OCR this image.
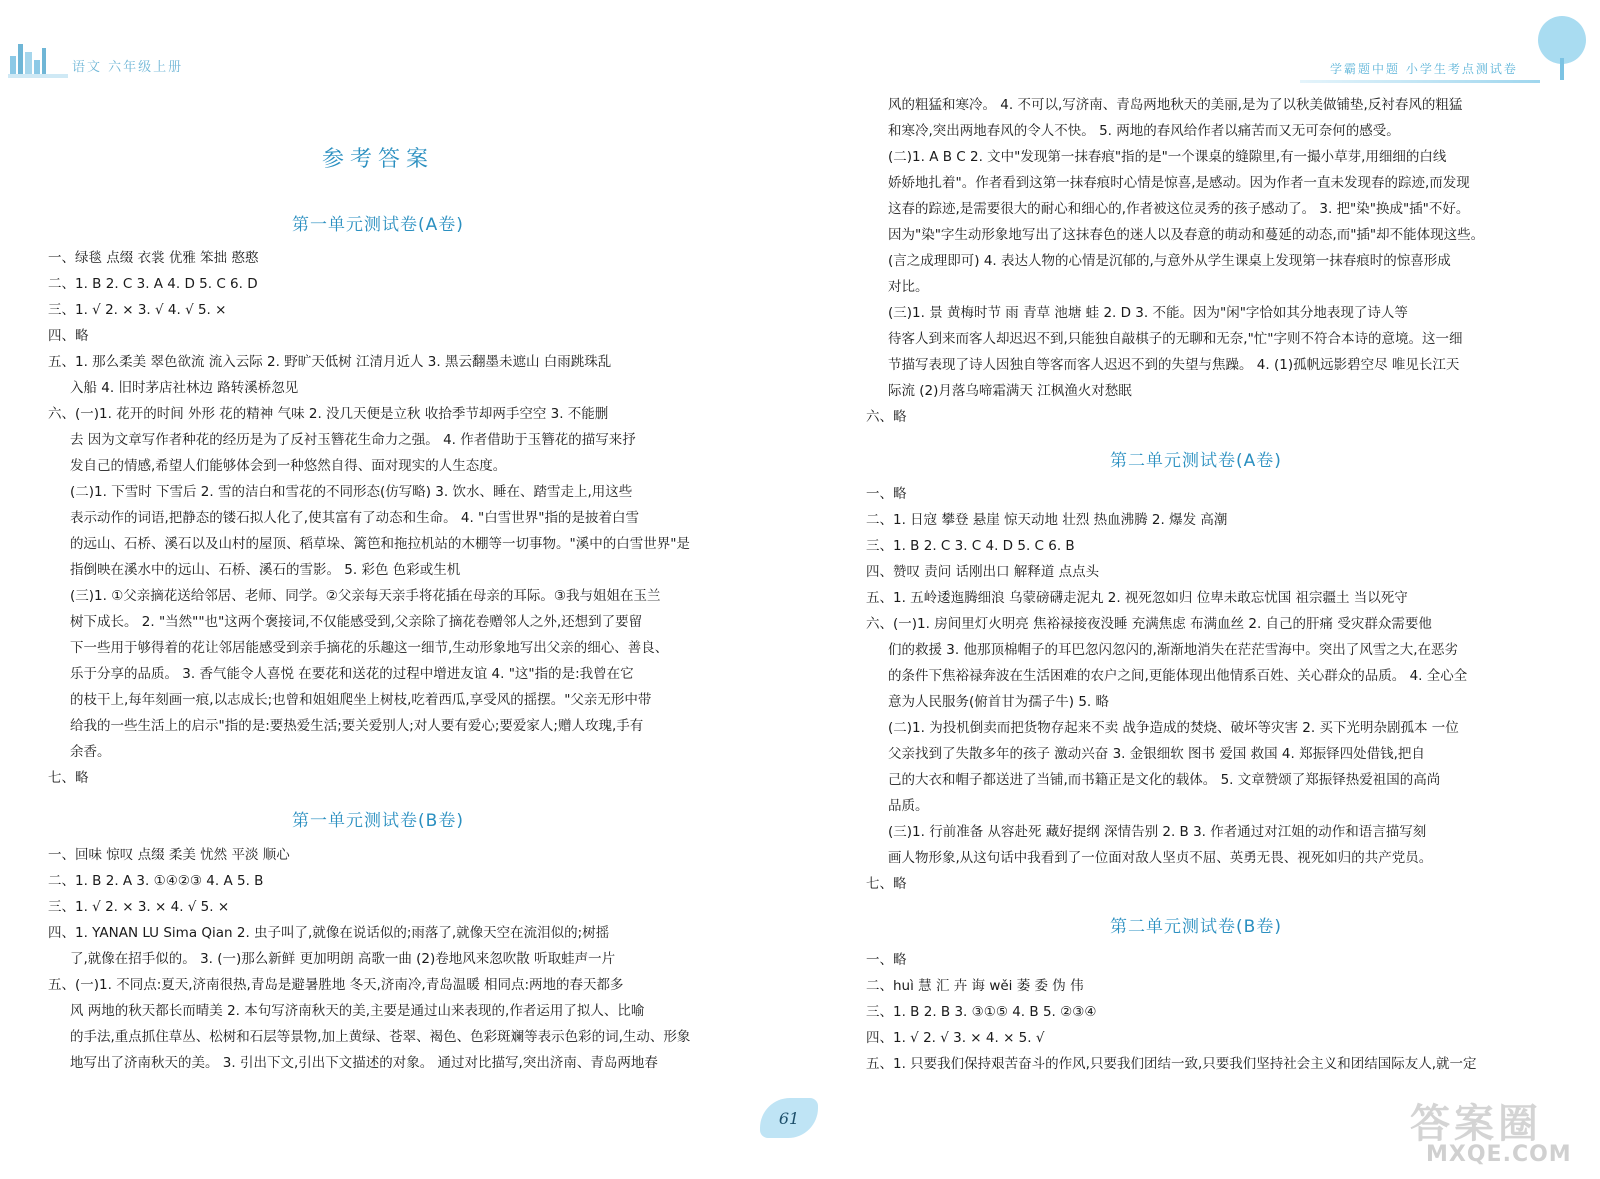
语文 六年级上册	学霸题中题 小学生考点测试卷
参考答案
第一单元测试卷(A卷)
一、绿毯 点缀 衣裳 优雅 笨拙 憨憨
二、1. B 2. C 3. A 4. D 5. C 6. D
三、1. √ 2. × 3. √ 4. √ 5. ×
四、略
五、1. 那么柔美 翠色欲流 流入云际 2. 野旷天低树 江清月近人 3. 黑云翻墨未遮山 白雨跳珠乱
入船 4. 旧时茅店社林边 路转溪桥忽见
六、(一)1. 花开的时间 外形 花的精神 气味 2. 没几天便是立秋 收拾季节却两手空空 3. 不能删
去 因为文章写作者种花的经历是为了反衬玉簪花生命力之强。 4. 作者借助于玉簪花的描写来抒
发自己的情感,希望人们能够体会到一种悠然自得、面对现实的人生态度。
(二)1. 下雪时 下雪后 2. 雪的洁白和雪花的不同形态(仿写略) 3. 饮水、睡在、踏雪走上,用这些
表示动作的词语,把静态的镂石拟人化了,使其富有了动态和生命。 4. "白雪世界"指的是披着白雪
的远山、石桥、溪石以及山村的屋顶、稻草垛、篱笆和拖拉机站的木棚等一切事物。"溪中的白雪世界"是
指倒映在溪水中的远山、石桥、溪石的雪影。 5. 彩色 色彩或生机
(三)1. ①父亲摘花送给邻居、老师、同学。②父亲每天亲手将花插在母亲的耳际。③我与姐姐在玉兰
树下成长。 2. "当然""也"这两个褒接词,不仅能感受到,父亲除了摘花卷赠邻人之外,还想到了要留
下一些用于够得着的花让邻居能感受到亲手摘花的乐趣这一细节,生动形象地写出父亲的细心、善良、
乐于分享的品质。 3. 香气能令人喜悦 在要花和送花的过程中增进友谊 4. "这"指的是:我曾在它
的枝干上,每年刻画一痕,以志成长;也曾和姐姐爬坐上树枝,吃着西瓜,享受风的摇摆。"父亲无形中带
给我的一些生活上的启示"指的是:要热爱生活;要关爱别人;对人要有爱心;要爱家人;赠人玫瑰,手有
余香。
七、略
第一单元测试卷(B卷)
一、回味 惊叹 点缀 柔美 忧然 平淡 顺心
二、1. B 2. A 3. ①④②③ 4. A 5. B
三、1. √ 2. × 3. × 4. √ 5. ×
四、1. YANAN LU Sima Qian 2. 虫子叫了,就像在说话似的;雨落了,就像天空在流泪似的;树摇
了,就像在招手似的。 3. (一)那么新鲜 更加明朗 高歌一曲 (2)卷地风来忽吹散 听取蛙声一片
五、(一)1. 不同点:夏天,济南很热,青岛是避暑胜地 冬天,济南冷,青岛温暖 相同点:两地的春天都多
风 两地的秋天都长而晴美 2. 本句写济南秋天的美,主要是通过山来表现的,作者运用了拟人、比喻
的手法,重点抓住草丛、松树和石层等景物,加上黄绿、苍翠、褐色、色彩斑斓等表示色彩的词,生动、形象
地写出了济南秋天的美。 3. 引出下文,引出下文描述的对象。 通过对比描写,突出济南、青岛两地春
风的粗猛和寒冷。 4. 不可以,写济南、青岛两地秋天的美丽,是为了以秋美做铺垫,反衬春风的粗猛
和寒冷,突出两地春风的令人不快。 5. 两地的春风给作者以痛苦而又无可奈何的感受。
(二)1. A B C 2. 文中"发现第一抹春痕"指的是"一个课桌的缝隙里,有一撮小草芽,用细细的白线
娇娇地扎着"。作者看到这第一抹春痕时心情是惊喜,是感动。因为作者一直未发现春的踪迹,而发现
这春的踪迹,是需要很大的耐心和细心的,作者被这位灵秀的孩子感动了。 3. 把"染"换成"插"不好。
因为"染"字生动形象地写出了这抹春色的迷人以及春意的萌动和蔓延的动态,而"插"却不能体现这些。
(言之成理即可) 4. 表达人物的心情是沉郁的,与意外从学生课桌上发现第一抹春痕时的惊喜形成
对比。
(三)1. 景 黄梅时节 雨 青草 池塘 蛙 2. D 3. 不能。因为"闲"字恰如其分地表现了诗人等
待客人到来而客人却迟迟不到,只能独自敲棋子的无聊和无奈,"忙"字则不符合本诗的意境。这一细
节描写表现了诗人因独自等客而客人迟迟不到的失望与焦躁。 4. (1)孤帆远影碧空尽 唯见长江天
际流 (2)月落乌啼霜满天 江枫渔火对愁眠
六、略
第二单元测试卷(A卷)
一、略
二、1. 日寇 攀登 悬崖 惊天动地 壮烈 热血沸腾 2. 爆发 高潮
三、1. B 2. C 3. C 4. D 5. C 6. B
四、赞叹 责问 话刚出口 解释道 点点头
五、1. 五岭逶迤腾细浪 乌蒙磅礴走泥丸 2. 视死忽如归 位卑未敢忘忧国 祖宗疆土 当以死守
六、(一)1. 房间里灯火明亮 焦裕禄接夜没睡 充满焦虑 布满血丝 2. 自己的肝痛 受灾群众需要他
们的救援 3. 他那顶棉帽子的耳巴忽闪忽闪的,渐渐地消失在茫茫雪海中。突出了风雪之大,在恶劣
的条件下焦裕禄奔波在生活困难的农户之间,更能体现出他情系百姓、关心群众的品质。 4. 全心全
意为人民服务(俯首甘为孺子牛) 5. 略
(二)1. 为投机倒卖而把货物存起来不卖 战争造成的焚烧、破坏等灾害 2. 买下光明杂剧孤本 一位
父亲找到了失散多年的孩子 激动兴奋 3. 金银细软 图书 爱国 救国 4. 郑振铎四处借钱,把自
己的大衣和帽子都送进了当铺,而书籍正是文化的载体。 5. 文章赞颂了郑振铎热爱祖国的高尚
品质。
(三)1. 行前准备 从容赴死 藏好提纲 深情告别 2. B 3. 作者通过对江姐的动作和语言描写刻
画人物形象,从这句话中我看到了一位面对敌人坚贞不屈、英勇无畏、视死如归的共产党员。
七、略
第二单元测试卷(B卷)
一、略
二、huì 慧 汇 卉 诲 wěi 萎 委 伪 伟
三、1. B 2. B 3. ③①⑤ 4. B 5. ②③④
四、1. √ 2. √ 3. × 4. × 5. √
五、1. 只要我们保持艰苦奋斗的作风,只要我们团结一致,只要我们坚持社会主义和团结国际友人,就一定
61	答案圈
MXQE.COM
